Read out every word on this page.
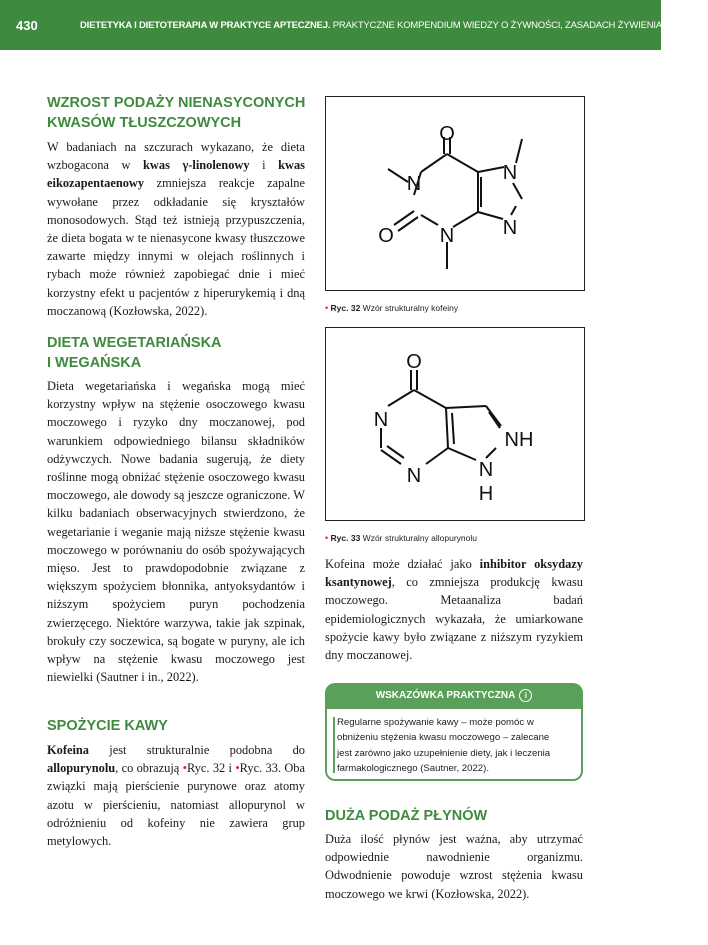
430	DIETETYKA I DIETOTERAPIA W PRAKTYCE APTECZNEJ. PRAKTYCZNE KOMPENDIUM WIEDZY O ŻYWNOŚCI, ZASADACH ŻYWIENIA I DIETACH
WZROST PODAŻY NIENASYCONYCH
KWASÓW TŁUSZCZOWYCH

W badaniach na szczurach wykazano, że dieta wzbogacona w kwas γ-linolenowy i kwas eikozapentaenowy zmniejsza reakcje zapalne wywołane przez odkładanie się kryształów monosodowych. Stąd też istnieją przypuszczenia, że dieta bogata w te nienasycone kwasy tłuszczowe zawarte między innymi w olejach roślinnych i rybach może również zapobiegać dnie i mieć korzystny efekt u pacjentów z hiperurykemią i dną moczanową (Kozłowska, 2022).

DIETA WEGETARIAŃSKA
I WEGAŃSKA

Dieta wegetariańska i wegańska mogą mieć korzystny wpływ na stężenie osoczowego kwasu moczowego i ryzyko dny moczanowej, pod warunkiem odpowiedniego bilansu składników odżywczych. Nowe badania sugerują, że diety roślinne mogą obniżać stężenie osoczowego kwasu moczowego, ale dowody są jeszcze ograniczone. W kilku badaniach obserwacyjnych stwierdzono, że wegetarianie i weganie mają niższe stężenie kwasu moczowego w porównaniu do osób spożywających mięso. Jest to prawdopodobnie związane z większym spożyciem błonnika, antyoksydantów i niższym spożyciem puryn pochodzenia zwierzęcego. Niektóre warzywa, takie jak szpinak, brokuły czy soczewica, są bogate w puryny, ale ich wpływ na stężenie kwasu moczowego jest niewielki (Sautner i in., 2022).

SPOŻYCIE KAWY

Kofeina jest strukturalnie podobna do allopurynolu, co obrazują •Ryc. 32 i •Ryc. 33. Oba związki mają pierścienie purynowe oraz atomy azotu w pierścieniu, natomiast allopurynol w odróżnieniu od kofeiny nie zawiera grup metylowych.

O
N
O N
N
N
• Ryc. 32 Wzór strukturalny kofeiny
O
N
N
NH
N
H
• Ryc. 33 Wzór strukturalny allopurynolu

Kofeina może działać jako inhibitor oksydazy ksantynowej, co zmniejsza produkcję kwasu moczowego. Metaanaliza badań epidemiologicznych wykazała, że umiarkowane spożycie kawy było związane z niższym ryzykiem dny moczanowej.

WSKAZÓWKA PRAKTYCZNA i
Regularne spożywanie kawy – może pomóc w obniżeniu stężenia kwasu moczowego – zalecane jest zarówno jako uzupełnienie diety, jak i leczenia farmakologicznego (Sautner, 2022).
DUŻA PODAŻ PŁYNÓW

Duża ilość płynów jest ważna, aby utrzymać odpowiednie nawodnienie organizmu. Odwodnienie powoduje wzrost stężenia kwasu moczowego we krwi (Kozłowska, 2022).
